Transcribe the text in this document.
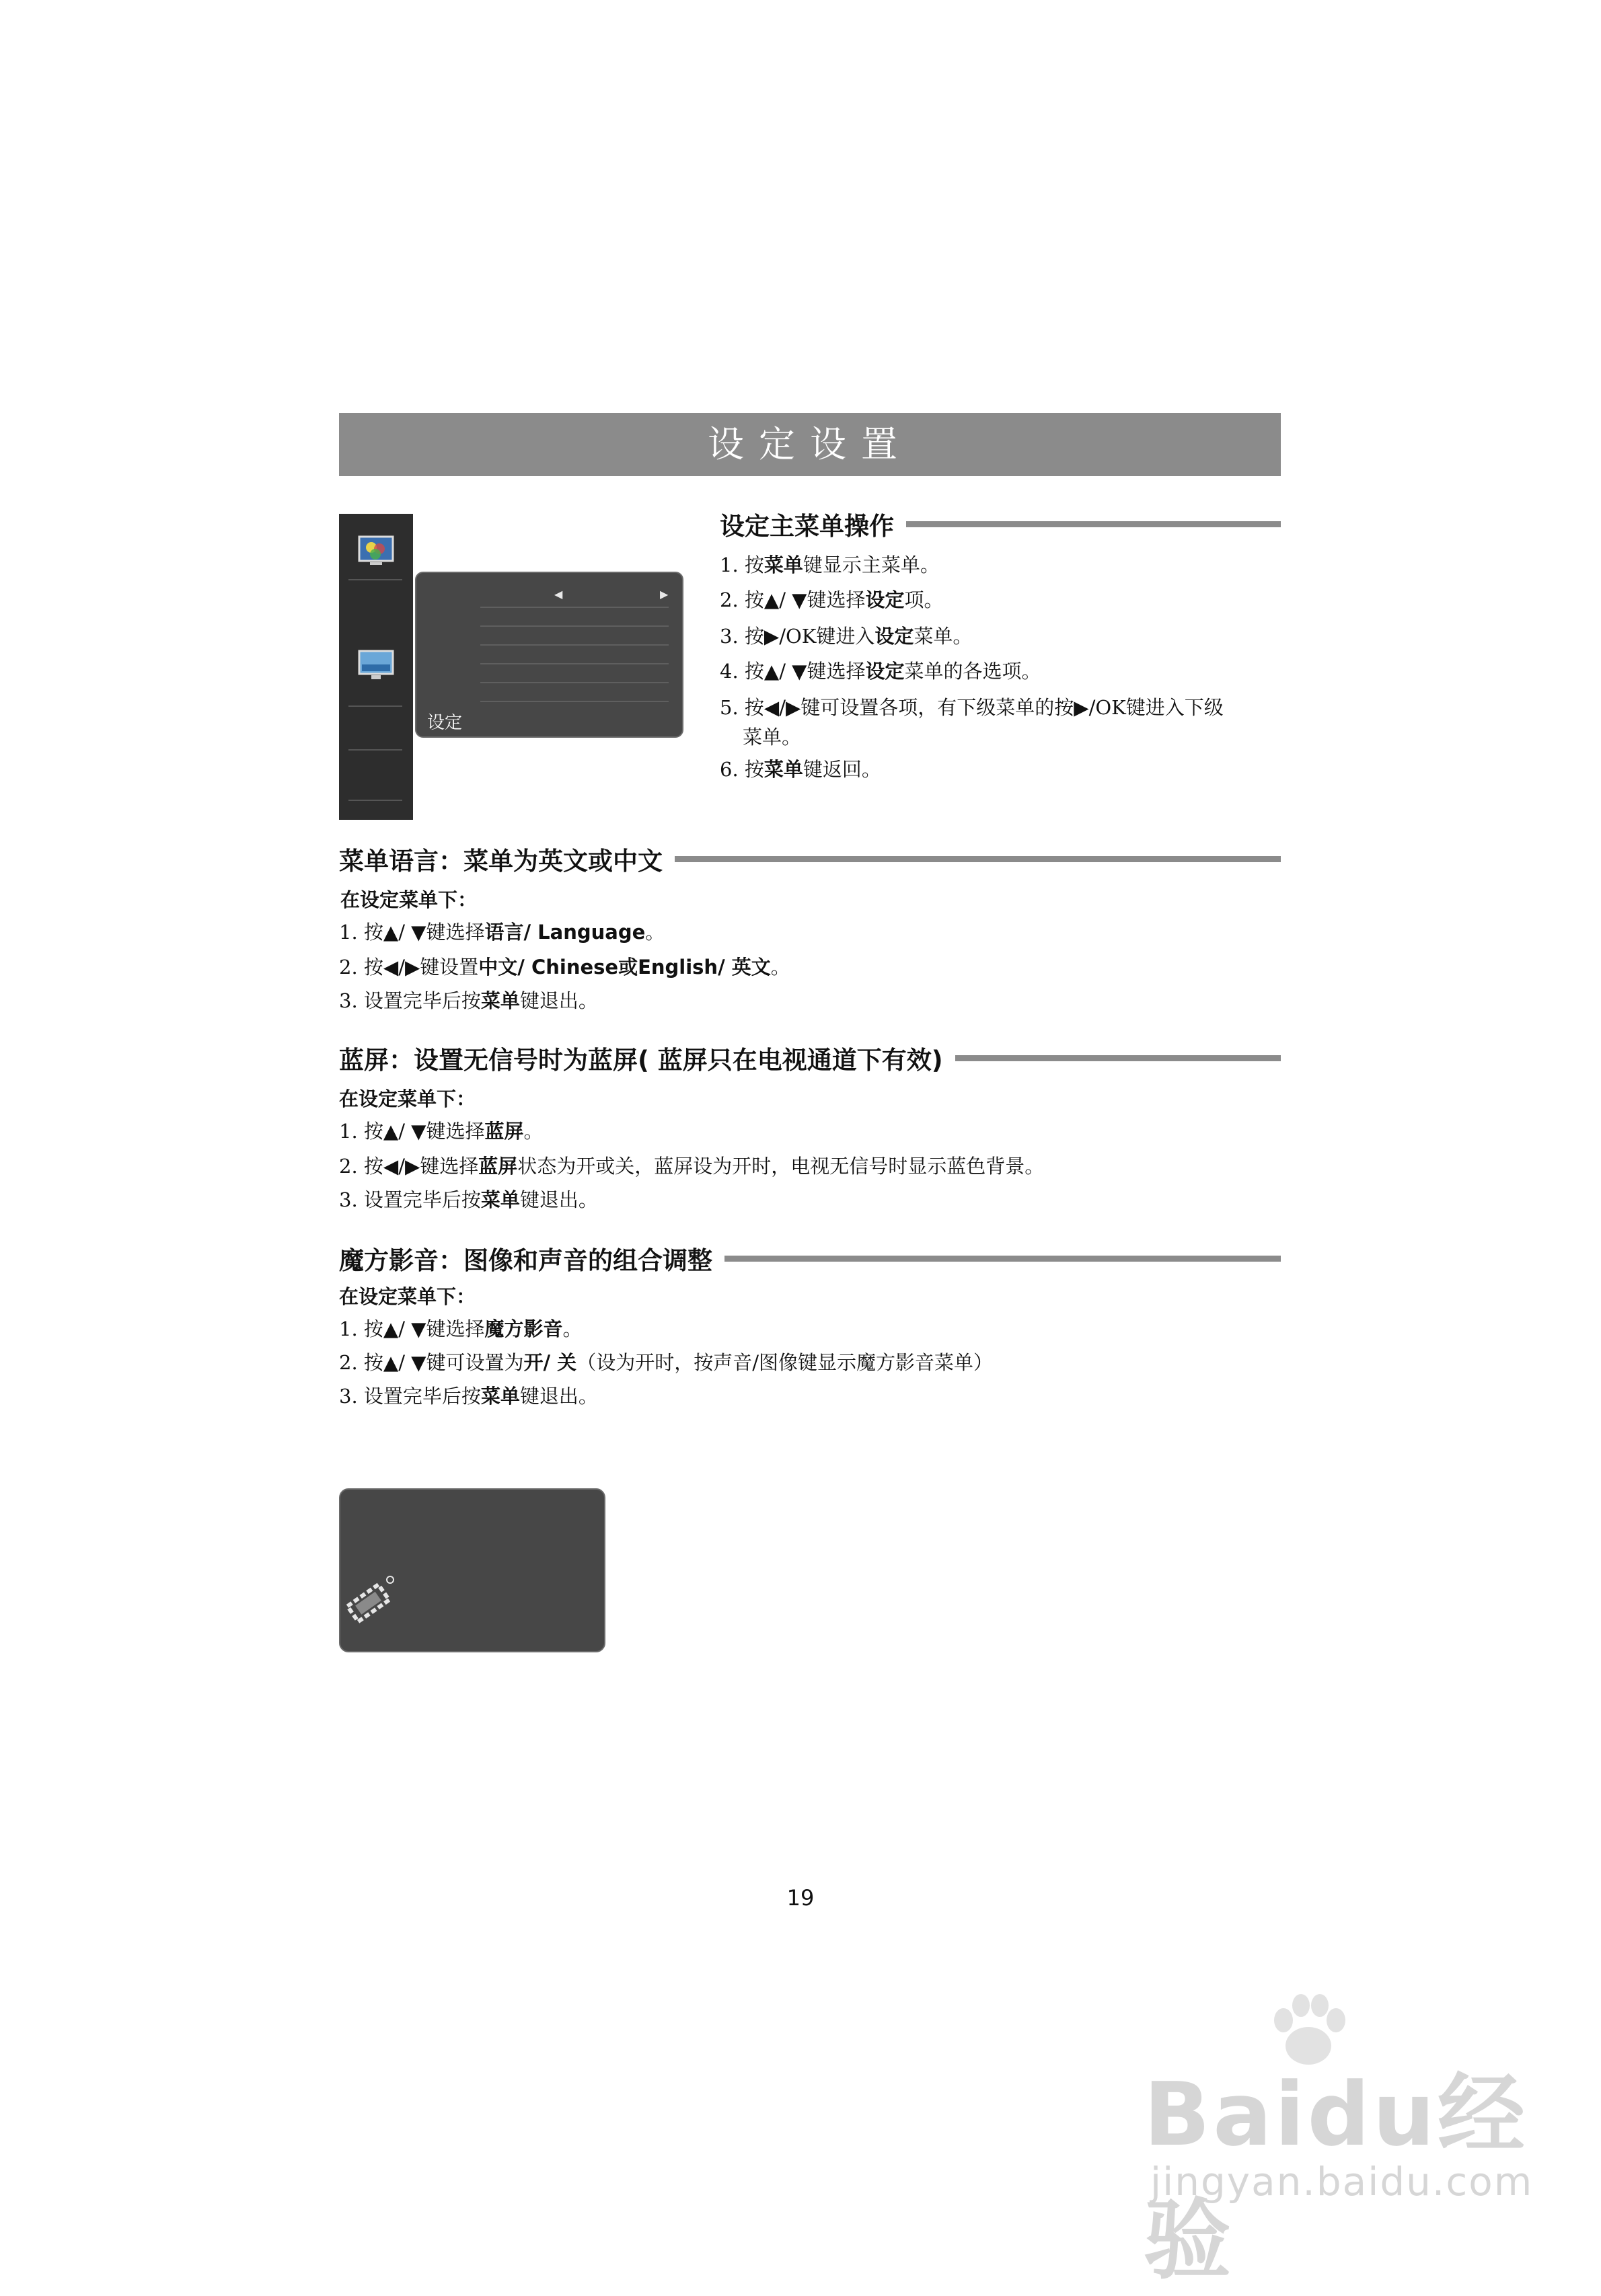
设定设置
◀	▶
设定
设定主菜单操作
1. 按菜单键显示主菜单。
2. 按▲/ ▼键选择设定项。
3. 按▶/OK键进入设定菜单。
4. 按▲/ ▼键选择设定菜单的各选项。
5. 按◀/▶键可设置各项，有下级菜单的按▶/OK键进入下级
菜单。
6. 按菜单键返回。
菜单语言：菜单为英文或中文
在设定菜单下：
1. 按▲/ ▼键选择语言/ Language。
2. 按◀/▶键设置中文/ Chinese或English/ 英文。
3. 设置完毕后按菜单键退出。
蓝屏：设置无信号时为蓝屏( 蓝屏只在电视通道下有效)
在设定菜单下：
1. 按▲/ ▼键选择蓝屏。
2. 按◀/▶键选择蓝屏状态为开或关，蓝屏设为开时，电视无信号时显示蓝色背景。
3. 设置完毕后按菜单键退出。
魔方影音：图像和声音的组合调整
在设定菜单下：
1. 按▲/ ▼键选择魔方影音。
2. 按▲/ ▼键可设置为开/ 关（设为开时，按声音/图像键显示魔方影音菜单）
3. 设置完毕后按菜单键退出。
19
Baidu经验
jingyan.baidu.com
